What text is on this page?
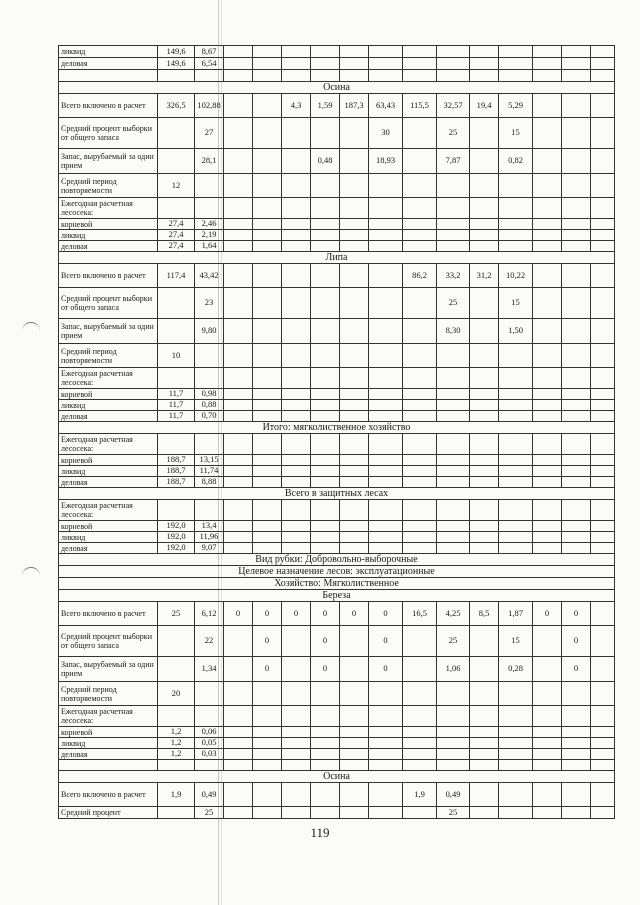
ликвид	149,6	8,67													
деловая	149,6	6,54													

Осина															
Всего включено в расчет	326,5	102,88			4,3	1,59	187,3	63,43	115,5	32,57	19,4	5,29			
Средний процент выборки от общего запаса		27						30		25		15			
Запас, вырубаемый за один прием		28,1				0,48		18,93		7,87		0,82			
Средний период повторяемости	12														
Ежегодная расчетная лесосека:															
корневой	27,4	2,46													
ликвид	27,4	2,19													
деловая	27,4	1,64													
Липа															
Всего включено в расчет	117,4	43,42							86,2	33,2	31,2	10,22			
Средний процент выборки от общего запаса		23								25		15			
Запас, вырубаемый за один прием		9,80								8,30		1,50			
Средний период повторяемости	10														
Ежегодная расчетная лесосека:															
корневой	11,7	0,98													
ликвид	11,7	0,88													
деловая	11,7	0,70													
Итого: мягколиственное хозяйство															
Ежегодная расчетная лесосека:															
корневой	188,7	13,15													
ликвид	188,7	11,74													
деловая	188,7	8,88													
Всего в защитных лесах															
Ежегодная расчетная лесосека:															
корневой	192,0	13,4													
ликвид	192,0	11,96													
деловая	192,0	9,07													
Вид рубки: Добровольно-выборочные															
Целевое назначение лесов: эксплуатационные															
Хозяйство: Мягколиственное															
Береза															
Всего включено в расчет	25	6,12	0	0	0	0	0	0	16,5	4,25	8,5	1,87	0	0	
Средний процент выборки от общего запаса		22		0		0		0		25		15		0	
Запас, вырубаемый за один прием		1,34		0		0		0		1,06		0,28		0	
Средний период повторяемости	20														
Ежегодная расчетная лесосека:															
корневой	1,2	0,06													
ликвид	1,2	0,05													
деловая	1,2	0,03													

Осина															
Всего включено в расчет	1,9	0,49							1,9	0,49					
Средний процент		25								25					
119
